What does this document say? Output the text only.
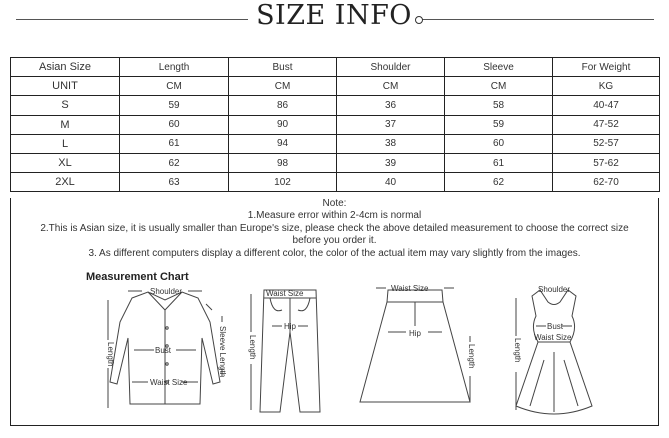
SIZE INFO
Asian Size	Length	Bust	Shoulder	Sleeve	For Weight
UNIT	CM	CM	CM	CM	KG
S	59	86	36	58	40-47
M	60	90	37	59	47-52
L	61	94	38	60	52-57
XL	62	98	39	61	57-62
2XL	63	102	40	62	62-70
Note:
1.Measure error within 2-4cm is normal
2.This is Asian size, it is usually smaller than Europe's size, please check the above detailed measurement to choose the correct size
before you order it.
3. As different computers display a different color, the color of the actual item may vary slightly from the images.
Measurement Chart
Shoulder
Bust
Waist Size
Length	Sleeve Length
Waist Size
Hip
Length
Waist Size
Hip
Length
Shoulder
Bust
Waist Size
Length
